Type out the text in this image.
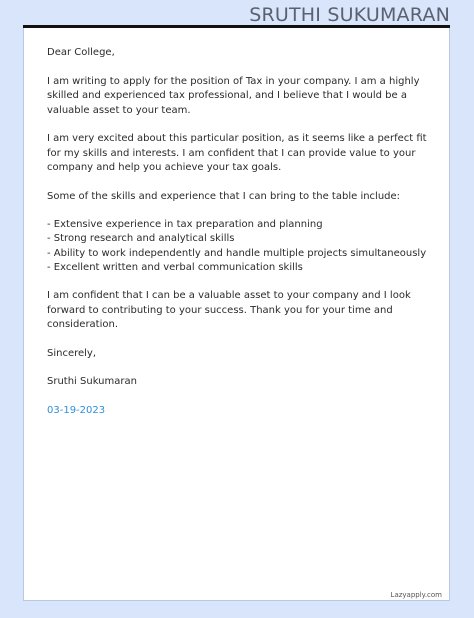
SRUTHI SUKUMARAN

Dear College,

I am writing to apply for the position of Tax in your company. I am a highly skilled and experienced tax professional, and I believe that I would be a valuable asset to your team.

I am very excited about this particular position, as it seems like a perfect fit for my skills and interests. I am confident that I can provide value to your company and help you achieve your tax goals.

Some of the skills and experience that I can bring to the table include:

- Extensive experience in tax preparation and planning
- Strong research and analytical skills
- Ability to work independently and handle multiple projects simultaneously
- Excellent written and verbal communication skills

I am confident that I can be a valuable asset to your company and I look forward to contributing to your success. Thank you for your time and consideration.

Sincerely,

Sruthi Sukumaran

03-19-2023

Lazyapply.com
